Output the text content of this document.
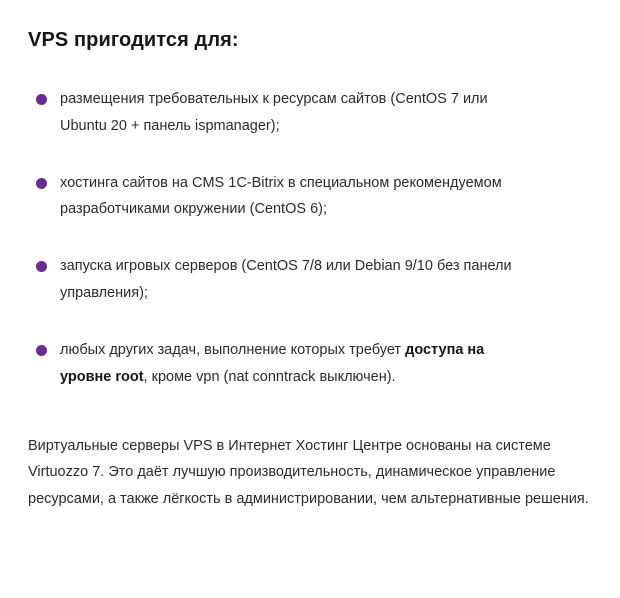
VPS пригодится для:
размещения требовательных к ресурсам сайтов (CentOS 7 или Ubuntu 20 + панель ispmanager);
хостинга сайтов на CMS 1C-Bitrix в специальном рекомендуемом разработчиками окружении (CentOS 6);
запуска игровых серверов (CentOS 7/8 или Debian 9/10 без панели управления);
любых других задач, выполнение которых требует доступа на уровне root, кроме vpn (nat conntrack выключен).

Виртуальные серверы VPS в Интернет Хостинг Центре основаны на системе Virtuozzo 7. Это даёт лучшую производительность, динамическое управление ресурсами, а также лёгкость в администрировании, чем альтернативные решения.
